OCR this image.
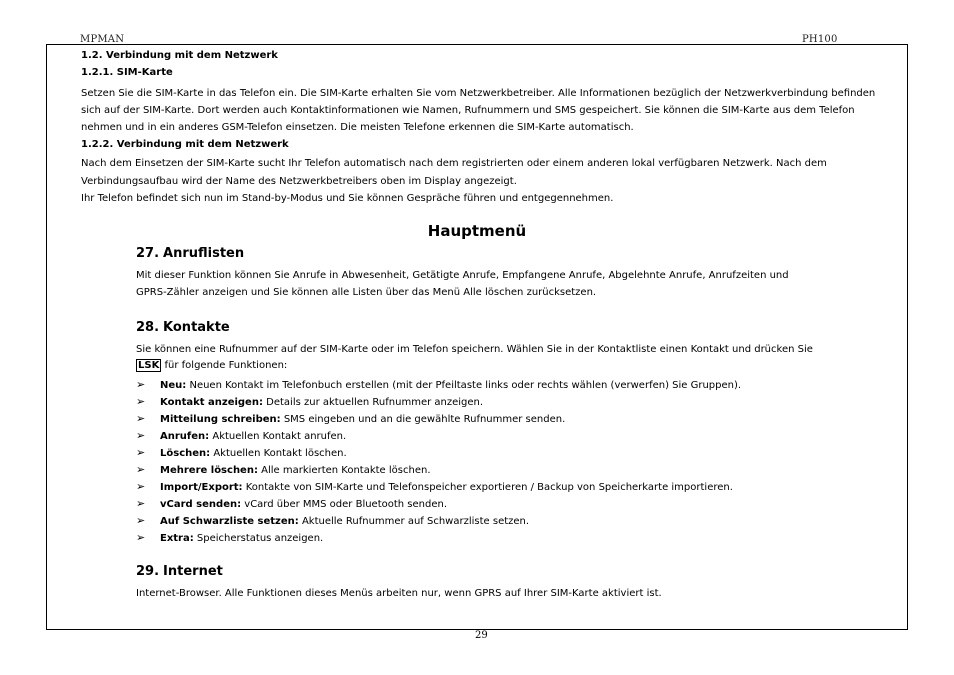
MPMAN	PH100
1.2. Verbindung mit dem Netzwerk
1.2.1. SIM-Karte
Setzen Sie die SIM-Karte in das Telefon ein. Die SIM-Karte erhalten Sie vom Netzwerkbetreiber. Alle Informationen bezüglich der Netzwerkverbindung befinden
sich auf der SIM-Karte. Dort werden auch Kontaktinformationen wie Namen, Rufnummern und SMS gespeichert. Sie können die SIM-Karte aus dem Telefon
nehmen und in ein anderes GSM-Telefon einsetzen. Die meisten Telefone erkennen die SIM-Karte automatisch.
1.2.2. Verbindung mit dem Netzwerk
Nach dem Einsetzen der SIM-Karte sucht Ihr Telefon automatisch nach dem registrierten oder einem anderen lokal verfügbaren Netzwerk. Nach dem
Verbindungsaufbau wird der Name des Netzwerkbetreibers oben im Display angezeigt.
Ihr Telefon befindet sich nun im Stand-by-Modus und Sie können Gespräche führen und entgegennehmen.
Hauptmenü
27. Anruflisten
Mit dieser Funktion können Sie Anrufe in Abwesenheit, Getätigte Anrufe, Empfangene Anrufe, Abgelehnte Anrufe, Anrufzeiten und
GPRS-Zähler anzeigen und Sie können alle Listen über das Menü Alle löschen zurücksetzen.
28. Kontakte
Sie können eine Rufnummer auf der SIM-Karte oder im Telefon speichern. Wählen Sie in der Kontaktliste einen Kontakt und drücken Sie
LSK für folgende Funktionen:
➢ Neu: Neuen Kontakt im Telefonbuch erstellen (mit der Pfeiltaste links oder rechts wählen (verwerfen) Sie Gruppen).
➢ Kontakt anzeigen: Details zur aktuellen Rufnummer anzeigen.
➢ Mitteilung schreiben: SMS eingeben und an die gewählte Rufnummer senden.
➢ Anrufen: Aktuellen Kontakt anrufen.
➢ Löschen: Aktuellen Kontakt löschen.
➢ Mehrere löschen: Alle markierten Kontakte löschen.
➢ Import/Export: Kontakte von SIM-Karte und Telefonspeicher exportieren / Backup von Speicherkarte importieren.
➢ vCard senden: vCard über MMS oder Bluetooth senden.
➢ Auf Schwarzliste setzen: Aktuelle Rufnummer auf Schwarzliste setzen.
➢ Extra: Speicherstatus anzeigen.
29. Internet
Internet-Browser. Alle Funktionen dieses Menüs arbeiten nur, wenn GPRS auf Ihrer SIM-Karte aktiviert ist.
29
